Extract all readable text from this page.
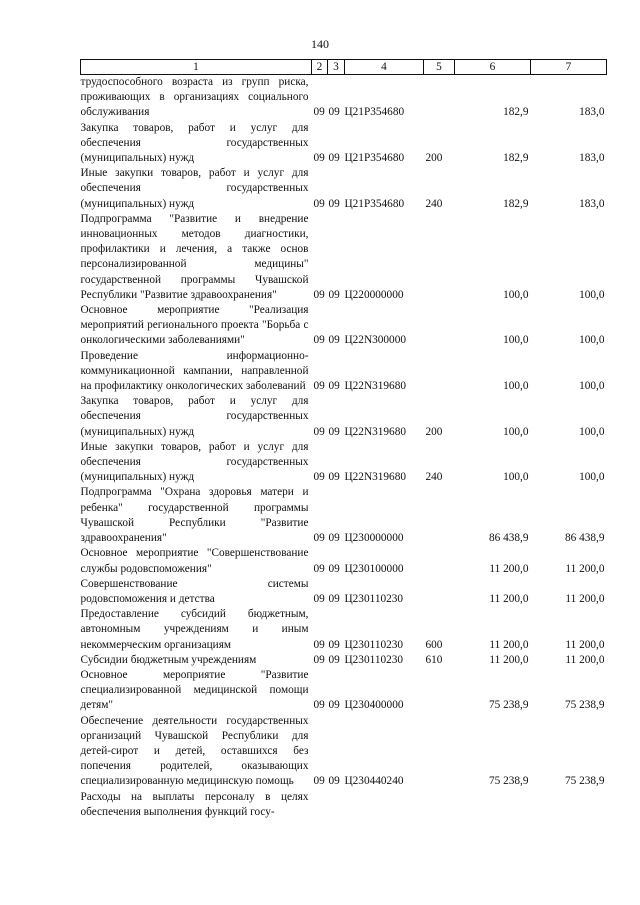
140
1	2	3	4	5	6	7
трудоспособного возраста из групп риска, проживающих в организациях социального обслуживания	09	09	Ц21Р354680		182,9	183,0
Закупка товаров, работ и услуг для обеспечения государственных (муниципальных) нужд	09	09	Ц21Р354680	200	182,9	183,0
Иные закупки товаров, работ и услуг для обеспечения государственных (муниципальных) нужд	09	09	Ц21Р354680	240	182,9	183,0
Подпрограмма "Развитие и внедрение инновационных методов диагностики, профилактики и лечения, а также основ персонализированной медицины" государственной программы Чувашской Республики "Развитие здравоохранения"	09	09	Ц220000000		100,0	100,0
Основное мероприятие "Реализация мероприятий регионального проекта "Борьба с онкологическими заболеваниями"	09	09	Ц22N300000		100,0	100,0
Проведение информационно-коммуникационной кампании, направленной на профилактику онкологических заболеваний	09	09	Ц22N319680		100,0	100,0
Закупка товаров, работ и услуг для обеспечения государственных (муниципальных) нужд	09	09	Ц22N319680	200	100,0	100,0
Иные закупки товаров, работ и услуг для обеспечения государственных (муниципальных) нужд	09	09	Ц22N319680	240	100,0	100,0
Подпрограмма "Охрана здоровья матери и ребенка" государственной программы Чувашской Республики "Развитие здравоохранения"	09	09	Ц230000000		86 438,9	86 438,9
Основное мероприятие "Совершенствование службы родовспоможения"	09	09	Ц230100000		11 200,0	11 200,0
Совершенствование системы родовспоможения и детства	09	09	Ц230110230		11 200,0	11 200,0
Предоставление субсидий бюджетным, автономным учреждениям и иным некоммерческим организациям	09	09	Ц230110230	600	11 200,0	11 200,0
Субсидии бюджетным учреждениям	09	09	Ц230110230	610	11 200,0	11 200,0
Основное мероприятие "Развитие специализированной медицинской помощи детям"	09	09	Ц230400000		75 238,9	75 238,9
Обеспечение деятельности государственных организаций Чувашской Республики для детей-сирот и детей, оставшихся без попечения родителей, оказывающих специализированную медицинскую помощь	09	09	Ц230440240		75 238,9	75 238,9
Расходы на выплаты персоналу в целях обеспечения выполнения функций госу-						
